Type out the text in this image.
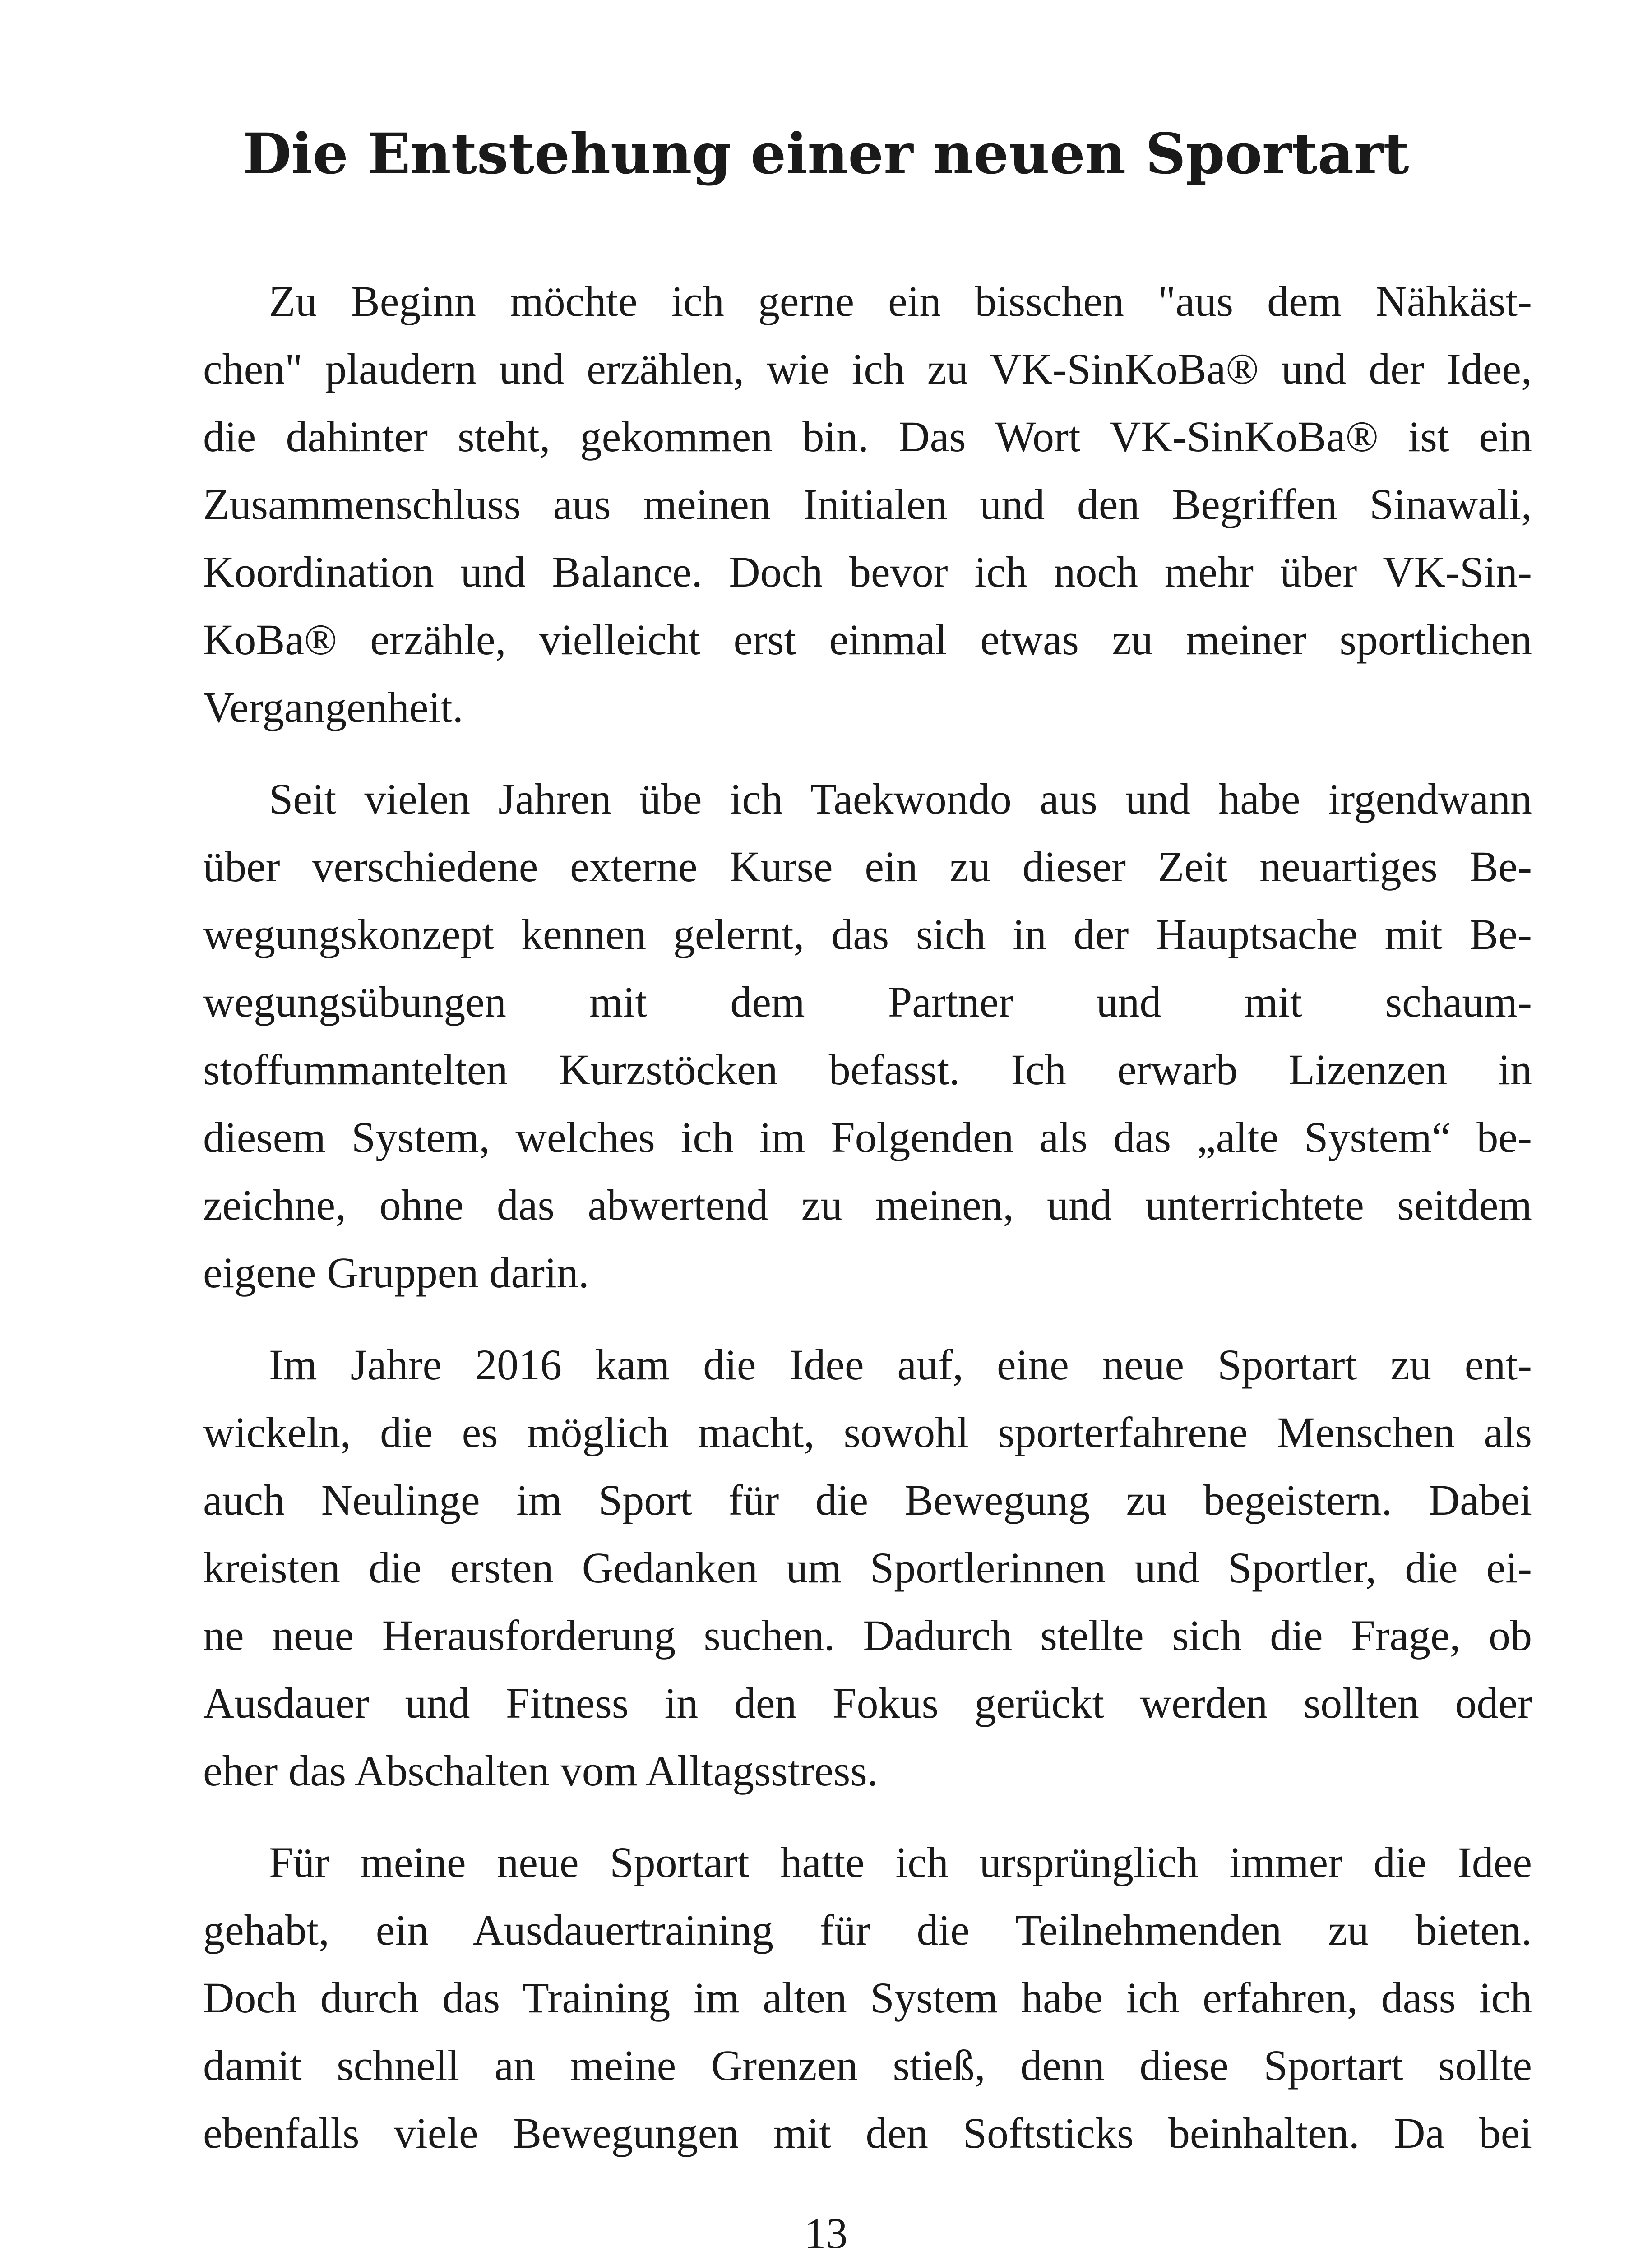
Die Entstehung einer neuen Sportart
Zu Beginn möchte ich gerne ein bisschen "aus dem Nähkäst-
chen" plaudern und erzählen, wie ich zu VK-SinKoBa® und der Idee,
die dahinter steht, gekommen bin. Das Wort VK-SinKoBa® ist ein
Zusammenschluss aus meinen Initialen und den Begriffen Sinawali,
Koordination und Balance. Doch bevor ich noch mehr über VK-Sin-
KoBa® erzähle, vielleicht erst einmal etwas zu meiner sportlichen
Vergangenheit.
Seit vielen Jahren übe ich Taekwondo aus und habe irgendwann
über verschiedene externe Kurse ein zu dieser Zeit neuartiges Be-
wegungskonzept kennen gelernt, das sich in der Hauptsache mit Be-
wegungsübungen mit dem Partner und mit schaum-
stoffummantelten Kurzstöcken befasst. Ich erwarb Lizenzen in
diesem System, welches ich im Folgenden als das „alte System“ be-
zeichne, ohne das abwertend zu meinen, und unterrichtete seitdem
eigene Gruppen darin.
Im Jahre 2016 kam die Idee auf, eine neue Sportart zu ent-
wickeln, die es möglich macht, sowohl sporterfahrene Menschen als
auch Neulinge im Sport für die Bewegung zu begeistern. Dabei
kreisten die ersten Gedanken um Sportlerinnen und Sportler, die ei-
ne neue Herausforderung suchen. Dadurch stellte sich die Frage, ob
Ausdauer und Fitness in den Fokus gerückt werden sollten oder
eher das Abschalten vom Alltagsstress.
Für meine neue Sportart hatte ich ursprünglich immer die Idee
gehabt, ein Ausdauertraining für die Teilnehmenden zu bieten.
Doch durch das Training im alten System habe ich erfahren, dass ich
damit schnell an meine Grenzen stieß, denn diese Sportart sollte
ebenfalls viele Bewegungen mit den Softsticks beinhalten. Da bei
13
